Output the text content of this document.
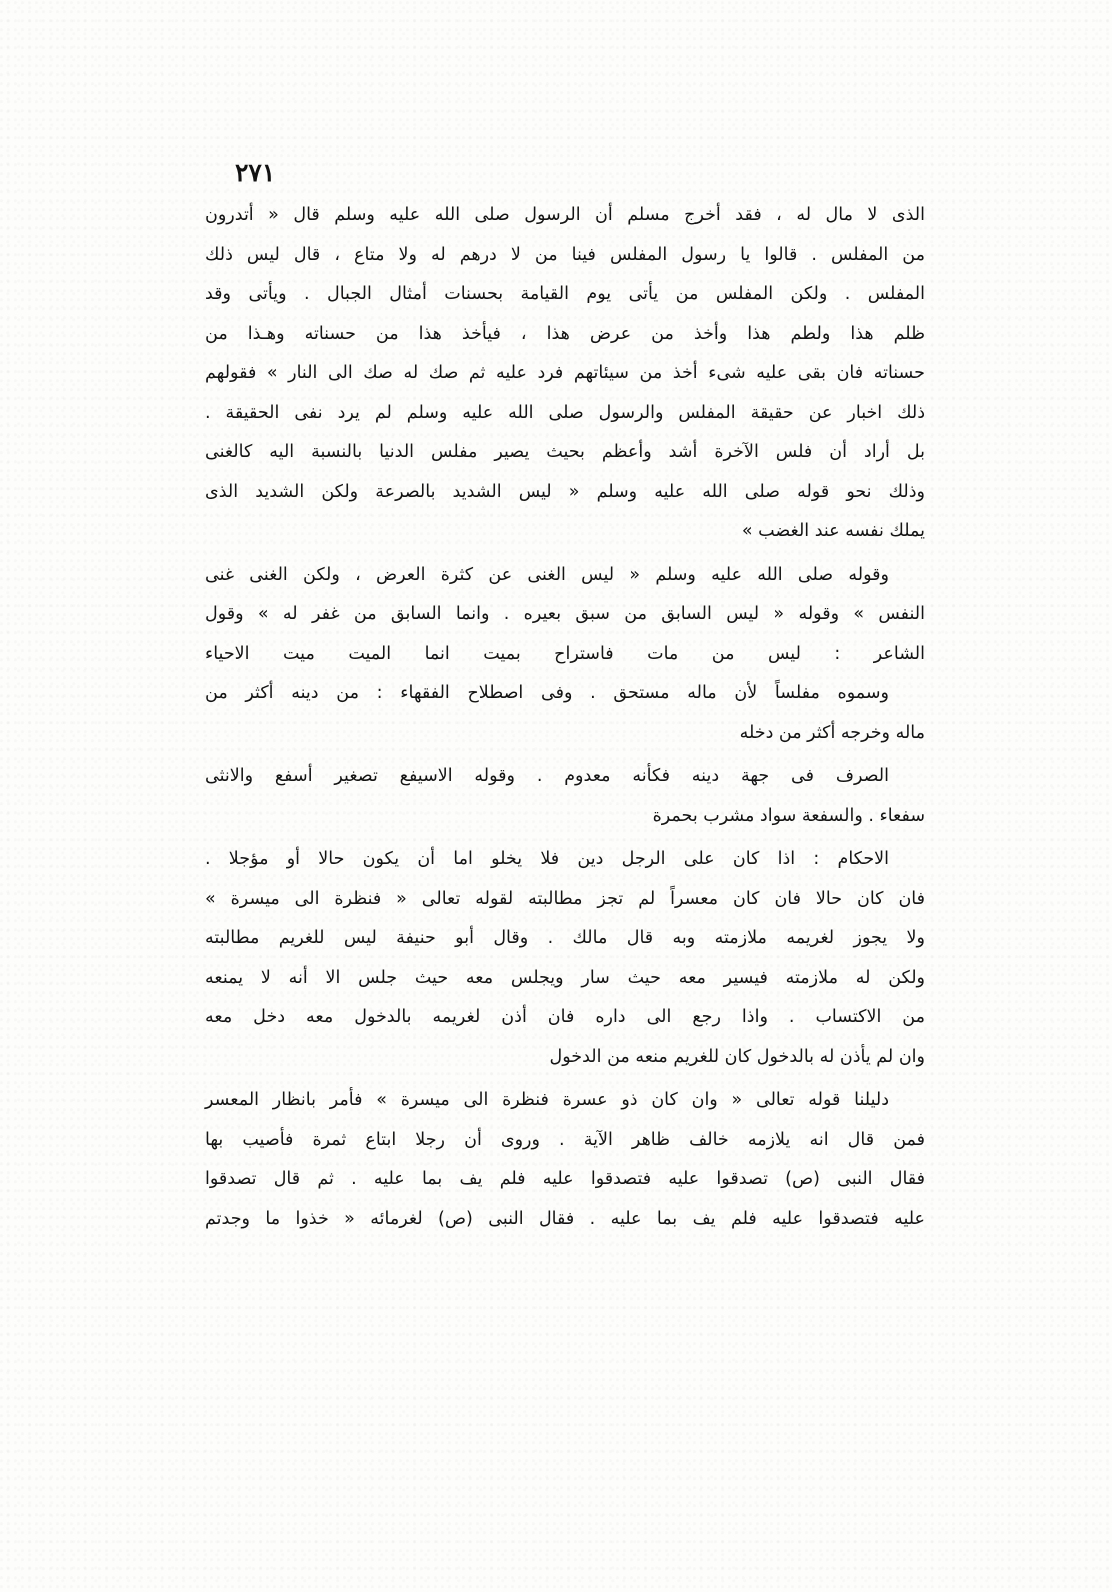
٢٧١
الذى لا مال له ، فقد أخرج مسلم أن الرسول صلى الله عليه وسلم قال « أتدرون
من المفلس . قالوا يا رسول المفلس فينا من لا درهم له ولا متاع ، قال ليس ذلك
المفلس . ولكن المفلس من يأتى يوم القيامة بحسنات أمثال الجبال . ويأتى وقد
ظلم هذا ولطم هذا وأخذ من عرض هذا ، فيأخذ هذا من حسناته وهـذا من
حسناته فان بقى عليه شىء أخذ من سيئاتهم فرد عليه ثم صك له صك الى النار » فقولهم
ذلك اخبار عن حقيقة المفلس والرسول صلى الله عليه وسلم لم يرد نفى الحقيقة .
بل أراد أن فلس الآخرة أشد وأعظم بحيث يصير مفلس الدنيا بالنسبة اليه كالغنى
وذلك نحو قوله صلى الله عليه وسلم « ليس الشديد بالصرعة ولكن الشديد الذى
يملك نفسه عند الغضب »
وقوله صلى الله عليه وسلم « ليس الغنى عن كثرة العرض ، ولكن الغنى غنى
النفس » وقوله « ليس السابق من سبق بعيره . وانما السابق من غفر له » وقول
الشاعر : ليس من مات فاستراح بميت انما الميت ميت الاحياء
وسموه مفلساً لأن ماله مستحق . وفى اصطلاح الفقهاء : من دينه أكثر من
ماله وخرجه أكثر من دخله
الصرف فى جهة دينه فكأنه معدوم . وقوله الاسيفع تصغير أسفع والانثى
سفعاء . والسفعة سواد مشرب بحمرة
الاحكام : اذا كان على الرجل دين فلا يخلو اما أن يكون حالا أو مؤجلا .
فان كان حالا فان كان معسراً لم تجز مطالبته لقوله تعالى « فنظرة الى ميسرة »
ولا يجوز لغريمه ملازمته وبه قال مالك . وقال أبو حنيفة ليس للغريم مطالبته
ولكن له ملازمته فيسير معه حيث سار ويجلس معه حيث جلس الا أنه لا يمنعه
من الاكتساب . واذا رجع الى داره فان أذن لغريمه بالدخول معه دخل معه
وان لم يأذن له بالدخول كان للغريم منعه من الدخول
دليلنا قوله تعالى « وان كان ذو عسرة فنظرة الى ميسرة » فأمر بانظار المعسر
فمن قال انه يلازمه خالف ظاهر الآية . وروى أن رجلا ابتاع ثمرة فأصيب بها
فقال النبى (ص) تصدقوا عليه فتصدقوا عليه فلم يف بما عليه . ثم قال تصدقوا
عليه فتصدقوا عليه فلم يف بما عليه . فقال النبى (ص) لغرمائه « خذوا ما وجدتم
